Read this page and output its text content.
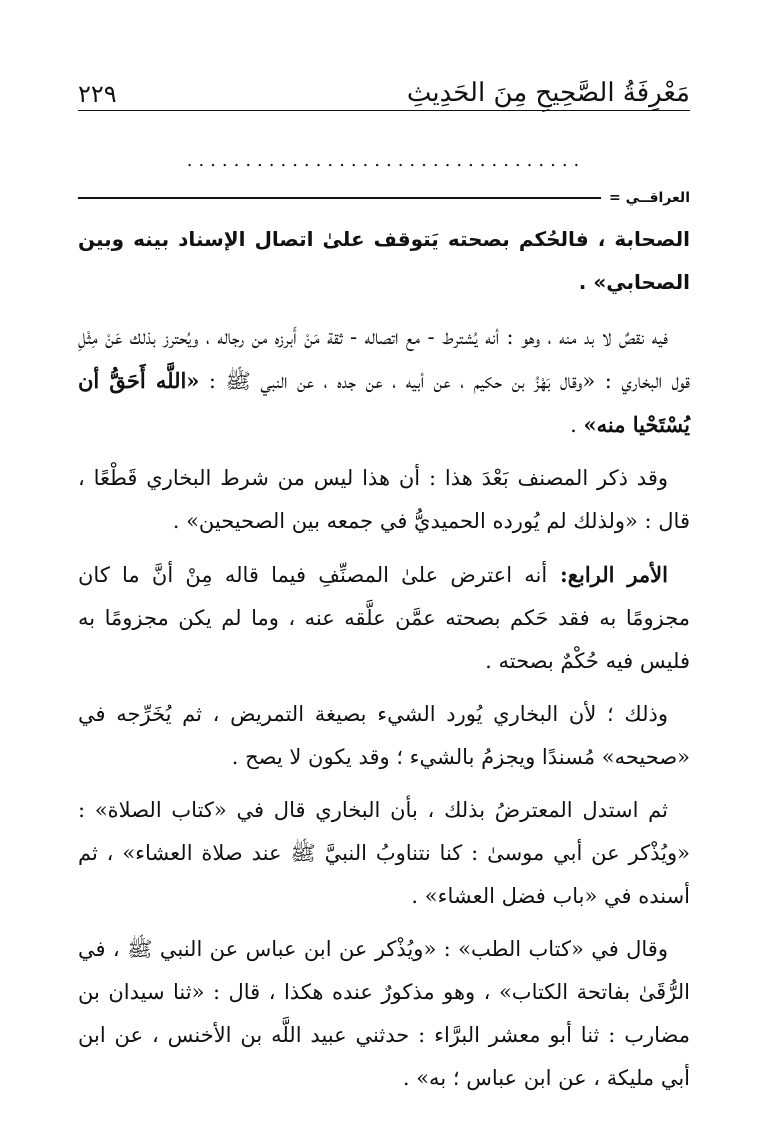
٢٢٩	مَعْرِفَةُ الصَّحِيحِ مِنَ الحَدِيثِ
..................................
العراقــي =

الصحابة ، فالحُكم بصحته يَتوقف علىٰ اتصال الإسناد بينه وبين الصحابي» .

فيه نقصٌ لا بد منه ، وهو : أنه يُشترط - مع اتصاله - ثقة مَنْ أَبرزه من رجاله ، ويُحترز بذلك عَنْ مِثْلِ قول البخاري : «وقال بَهْزُ بن حكيم ، عن أبيه ، عن جده ، عن النبي ﷺ : «اللَّه أَحَقُّ أن يُسْتَحْيا منه» .

وقد ذكر المصنف بَعْدَ هذا : أن هذا ليس من شرط البخاري قَطْعًا ، قال : «ولذلك لم يُورده الحميديُّ في جمعه بين الصحيحين» .

الأمر الرابع: أنه اعترض علىٰ المصنِّفِ فيما قاله مِنْ أنَّ ما كان مجزومًا به فقد حَكم بصحته عمَّن علَّقه عنه ، وما لم يكن مجزومًا به فليس فيه حُكْمٌ بصحته .

وذلك ؛ لأن البخاري يُورد الشيء بصيغة التمريض ، ثم يُخَرِّجه في «صحيحه» مُسندًا ويجزمُ بالشيء ؛ وقد يكون لا يصح .

ثم استدل المعترضُ بذلك ، بأن البخاري قال في «كتاب الصلاة» : «ويُذْكر عن أبي موسىٰ : كنا نتناوبُ النبيَّ ﷺ عند صلاة العشاء» ، ثم أسنده في «باب فضل العشاء» .

وقال في «كتاب الطب» : «ويُذْكر عن ابن عباس عن النبي ﷺ ، في الرُّقَىٰ بفاتحة الكتاب» ، وهو مذكورٌ عنده هكذا ، قال : «ثنا سيدان بن مضارب : ثنا أبو معشر البرَّاء : حدثني عبيد اللَّه بن الأخنس ، عن ابن أبي مليكة ، عن ابن عباس ؛ به» .
